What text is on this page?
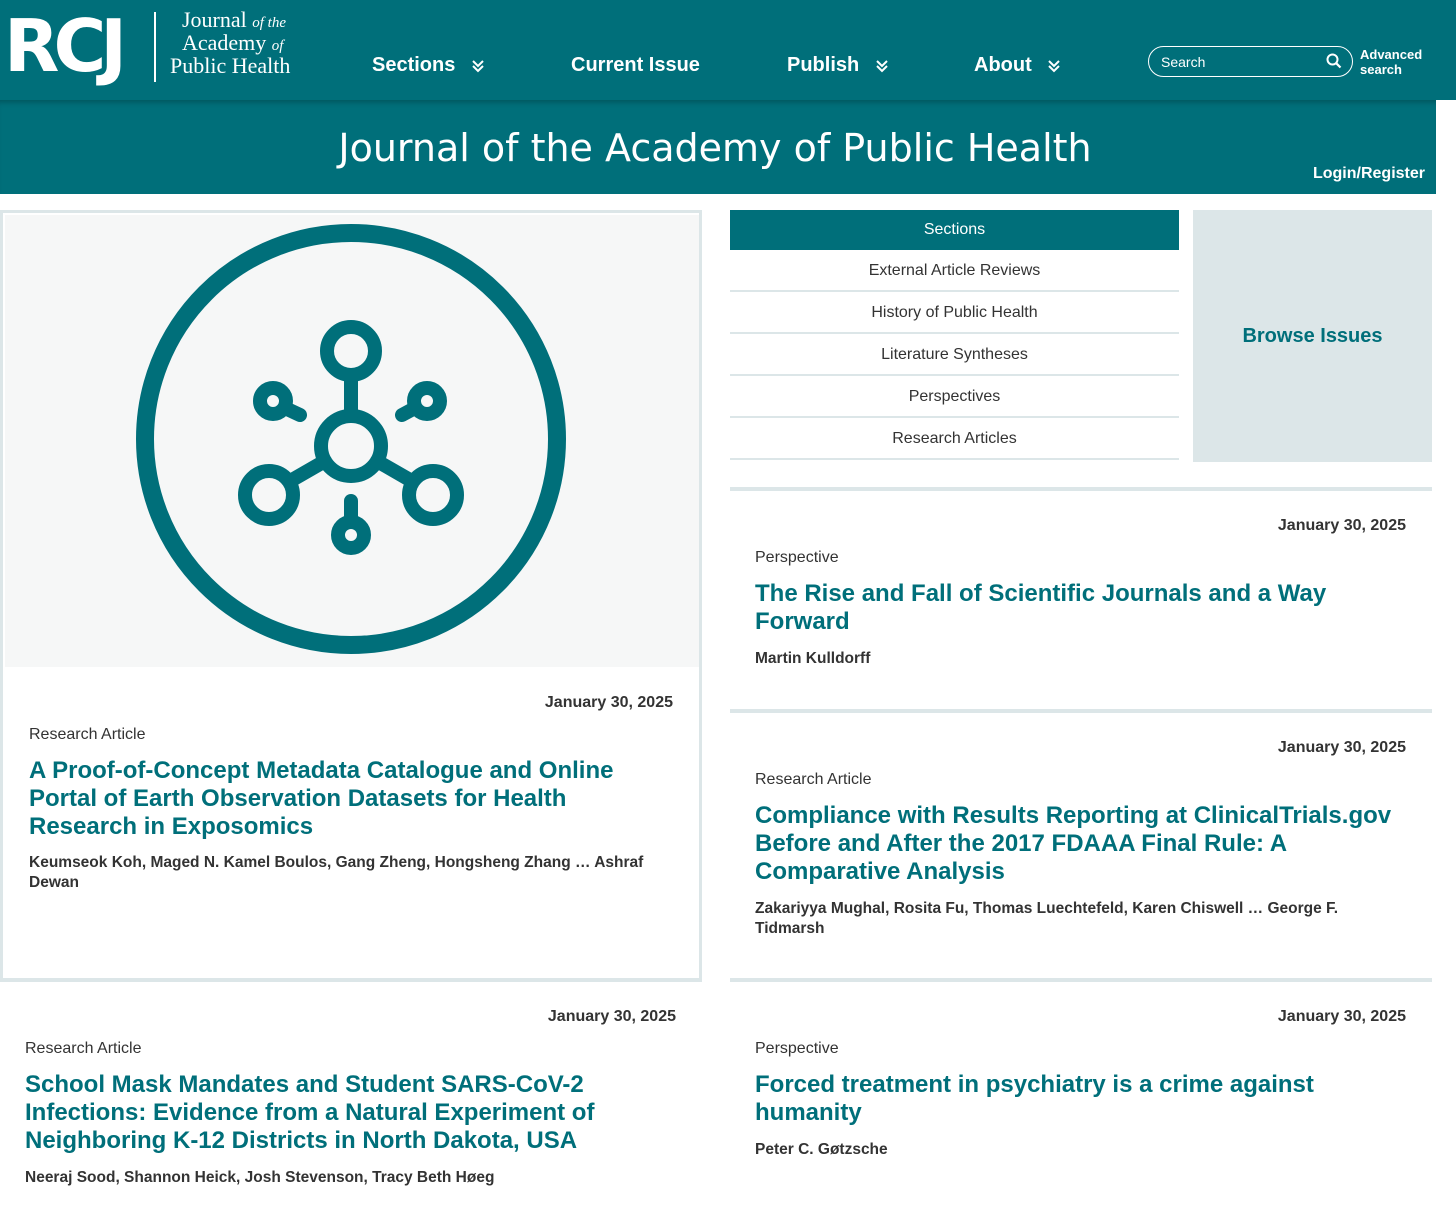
RCJ	Journal of the
Academy of
Public Health	Sections	Current Issue	Publish	About
Search	Advanced
search
Journal of the Academy of Public Health
Login/Register
January 30, 2025
Research Article
A Proof-of-Concept Metadata Catalogue and Online
Portal of Earth Observation Datasets for Health
Research in Exposomics
Keumseok Koh, Maged N. Kamel Boulos, Gang Zheng, Hongsheng Zhang … Ashraf
Dewan
Sections
External Article Reviews
History of Public Health
Literature Syntheses
Perspectives
Research Articles
Browse Issues
January 30, 2025
Perspective
The Rise and Fall of Scientific Journals and a Way
Forward
Martin Kulldorff
January 30, 2025
Research Article
Compliance with Results Reporting at ClinicalTrials.gov
Before and After the 2017 FDAAA Final Rule: A
Comparative Analysis
Zakariyya Mughal, Rosita Fu, Thomas Luechtefeld, Karen Chiswell … George F.
Tidmarsh
January 30, 2025
Research Article
School Mask Mandates and Student SARS-CoV-2
Infections: Evidence from a Natural Experiment of
Neighboring K-12 Districts in North Dakota, USA
Neeraj Sood, Shannon Heick, Josh Stevenson, Tracy Beth Høeg
January 30, 2025
Perspective
Forced treatment in psychiatry is a crime against
humanity
Peter C. Gøtzsche
